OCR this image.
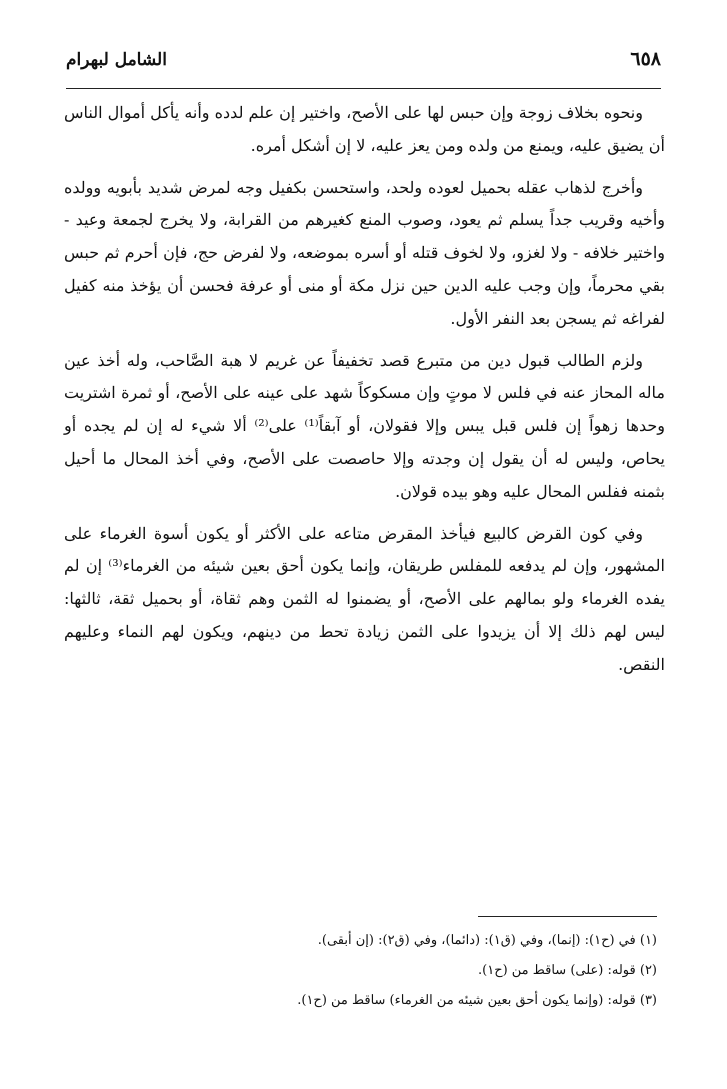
٦٥٨
الشامل لبهرام

ونحوه بخلاف زوجة وإن حبس لها على الأصح، واختير إن علم لدده وأنه يأكل أموال الناس أن يضيق عليه، ويمنع من ولده ومن يعز عليه، لا إن أشكل أمره.

وأخرج لذهاب عقله بحميل لعوده ولحد، واستحسن بكفيل وجه لمرض شديد بأبويه وولده وأخيه وقريب جداً يسلم ثم يعود، وصوب المنع كغيرهم من القرابة، ولا يخرج لجمعة وعيد - واختير خلافه - ولا لغزو، ولا لخوف قتله أو أسره بموضعه، ولا لفرض حج، فإن أحرم ثم حبس بقي محرماً، وإن وجب عليه الدين حين نزل مكة أو منى أو عرفة فحسن أن يؤخذ منه كفيل لفراغه ثم يسجن بعد النفر الأول.

ولزم الطالب قبول دين من متبرع قصد تخفيفاً عن غريم لا هبة الصَّاحب، وله أخذ عين ماله المحاز عنه في فلس لا موتٍ وإن مسكوكاً شهد على عينه على الأصح، أو ثمرة اشتريت وحدها زهواً إن فلس قبل يبس وإلا فقولان، أو آبقاً⁽¹⁾ على⁽²⁾ ألا شيء له إن لم يجده أو يحاص، وليس له أن يقول إن وجدته وإلا حاصصت على الأصح، وفي أخذ المحال ما أحيل بثمنه ففلس المحال عليه وهو بيده قولان.

وفي كون القرض كالبيع فيأخذ المقرض متاعه على الأكثر أو يكون أسوة الغرماء على المشهور، وإن لم يدفعه للمفلس طريقان، وإنما يكون أحق بعين شيئه من الغرماء⁽³⁾ إن لم يفده الغرماء ولو بمالهم على الأصح، أو يضمنوا له الثمن وهم ثقاة، أو بحميل ثقة، ثالثها: ليس لهم ذلك إلا أن يزيدوا على الثمن زيادة تحط من دينهم، ويكون لهم النماء وعليهم النقص.

(١) في (ح١): (إنما)، وفي (ق١): (دائما)، وفي (ق٢): (إن أبقى).
(٢) قوله: (على) ساقط من (ح١).
(٣) قوله: (وإنما يكون أحق بعين شيئه من الغرماء) ساقط من (ح١).
